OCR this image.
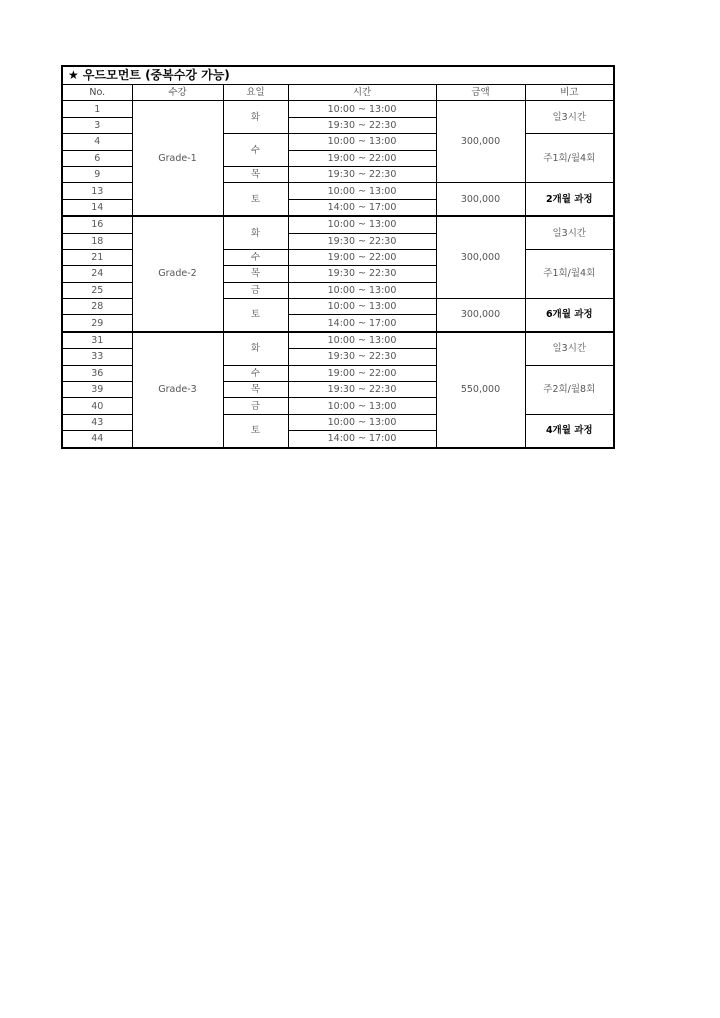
★ 우드모먼트 (중복수강 가능)					
No.	수강	요일	시간	금액	비고
1	Grade-1	화	10:00 ~ 13:00	300,000	일3시간
3			19:30 ~ 22:30		
4		수	10:00 ~ 13:00		주1회/월4회
6			19:00 ~ 22:00		
9		목	19:30 ~ 22:30		
13		토	10:00 ~ 13:00	300,000	2개월 과정
14			14:00 ~ 17:00		
16	Grade-2	화	10:00 ~ 13:00	300,000	일3시간
18			19:30 ~ 22:30		
21		수	19:00 ~ 22:00		주1회/월4회
24		목	19:30 ~ 22:30		
25		금	10:00 ~ 13:00		
28		토	10:00 ~ 13:00	300,000	6개월 과정
29			14:00 ~ 17:00		
31	Grade-3	화	10:00 ~ 13:00	550,000	일3시간
33			19:30 ~ 22:30		
36		수	19:00 ~ 22:00		주2회/월8회
39		목	19:30 ~ 22:30		
40		금	10:00 ~ 13:00		
43		토	10:00 ~ 13:00		4개월 과정
44			14:00 ~ 17:00		
